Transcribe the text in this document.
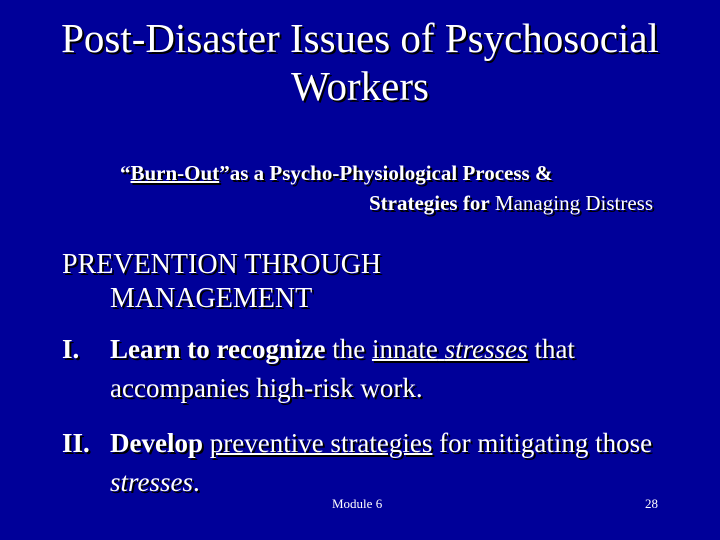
Post-Disaster Issues of Psychosocial
Workers
“Burn-Out”as a Psycho-Physiological Process &
Strategies for Managing Distress
PREVENTION THROUGH
MANAGEMENT
I.	Learn to recognize the innate stresses that accompanies high-risk work.
II. Develop preventive strategies for mitigating those stresses.
Module 6	28
